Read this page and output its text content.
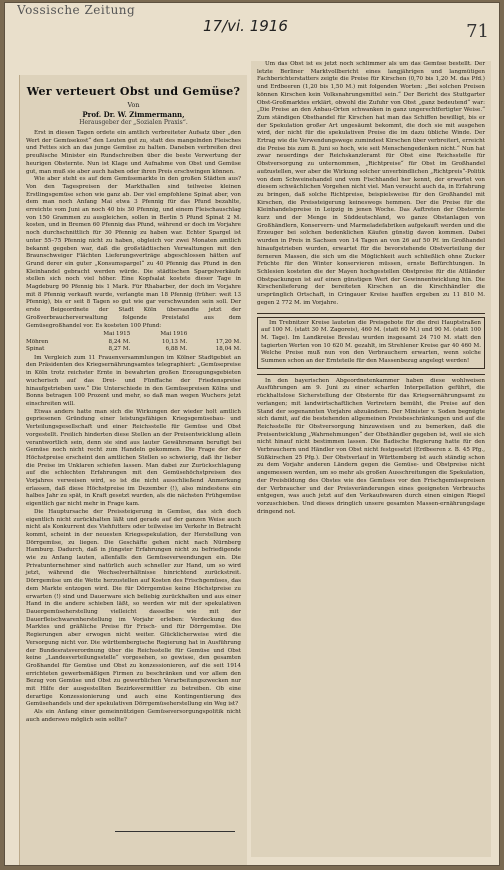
Vossische Zeitung
17/vi. 1916	71
Wer verteuert Obst und Gemüse?
Von
Prof. Dr. W. Zimmermann,
Herausgeber der „Sozialen Praxis“.

Erst in diesen Tagen ordete ein amtlich verbreiteter Aufsatz über „den Wert der Gemüsekost“ den Leuten gut zu, statt des mangelnden Fleisches und Fettes sich an das junge Gemüse zu halten. Daneben verbreiten drei preußische Minister ein Rundschreiben über die beste Verwertung der heurigen Obsternte. Nun ist Klage und Aufnahme von Obst und Gemüse gut, man muß sie aber auch haben oder ihren Preis erschwingen können.

Wie aber steht es auf dem Gemüsemarkte in den großen Städten aus? Von den Tagespreisen der Markthallen sind teilweise kleinen Erstlingsgemüse schon wie ganz ab. Der viel empfohlene Spinat aber, von dem man noch Anfang Mai etwa 3 Pfennig für das Pfund bezahlte, erreichte vom Juni an noch 40 bis 30 Pfennig, und einem Fleischauschlag von 150 Grammen zu ausgleichen, sollen in Berlin 5 Pfund Spinat 2 M. kosten, und in Bremen 60 Pfennig das Pfund, während er doch im Vorjahre noch durchschnittlich für 30 Pfennig zu haben war. Echter Spargel ist unter 55–75 Pfennig nicht zu haben, obgleich vor zwei Monaten amtlich bekannt gegeben war, daß die großstädtischen Verwaltungen mit den Braunschweiger Flächten Lieferungsverträge abgeschlossen hätten auf Grund derer ein guter „Konsumspargel“ zu 40 Pfennig das Pfund in den Kleinhandel gebracht werden würde. Die städtischen Spargelverkäufe stellen sich noch viel höher. Eine Kopfsalat kostete dieser Tage in Magdeburg 90 Pfennig bis 1 Mark. Für Rhabarber, der doch im Vorjahre mit 8 Pfennig verkauft wurde, verlangte man 18 Pfennig (früher: weit 13 Pfennig), bis er seit 8 Tagen so gut wie gar verschwunden sein soll. Der erste Beigeordnete der Stadt Köln übersandte jetzt der Großverbraucherverwaltung folgende Preistafel aus dem Gemüsegroßhandel vor. Es kosteten 100 Pfund:

	Mai 1915	Mai 1916	
Möhren	8,24 M.	10,13 M.	17,20 M.
Spinat	8,27 M.	6,88 M.	18,04 M.

Im Vergleich zum 11 Frauenversammlungen im Kölner Stadtgebiet an den Präsidenten des Kriegsernährungsamtes telegraphiert: „Gemüsepreise in Köln trotz reichster Ernte in bewahrten großen Erzeugungsgebieten wucherisch auf das Drei- und Fünffache der Friedenspreise hinaufgetrieben usw.“ Die Unterschiede in den Gemüsepreisen Kölns und Bonns betragen 100 Prozent und mehr, so daß man wegen Wuchers jetzt einschreiten will.

Etwas anders hatte man sich die Wirkungen der wieder holt amtlich gepriesenen Gründung einer leistungsfähigen Kriegsgemüsebau- und Verteilungsgesellschaft und einer Reichsstelle für Gemüse und Obst vorgestellt. Freilich hinderten diese Stellen an der Preisentwicklung allein verantwortlich sein, denn sie sind aus lauter Gewährsmann berufigt bei Gemüse noch nicht recht zum Handeln gekommen. Die Frage der der Höchstpreise erscheint den amtlichen Stellen so schwierig, daß ihr lieber die Preise im Unklaren schiefen lassen. Man dabei zur Zurückschlagung auf die schlechten Erfahrungen mit den Gemüsehöchstpreisen des Vorjahres verweisen wird, so ist die nicht ausschließend Anmerkung erlassen, daß diese Höchstpreise im Dezember (!), also mindestens ein halbes Jahr zu spät, in Kraft gesetzt wurden, als die nächsten Frühgemüse eigentlich gar nicht mehr in Frage kam.

Die Hauptursache der Preissteigerung in Gemüse, das sich doch eigentlich nicht zurückhalten läßt und gerade auf der ganzen Weise auch nicht als Konkurrent des Viehfutters oder teilweise im Verkehr in Betracht kommt, scheint in der neuesten Kriegsspekulation, der Herstellung von Dörrgemüse, zu liegen. Die Geschäfte gehen nicht nach Nürnberg Hamburg. Dadurch, daß in jüngster Erfahrungen nicht zu befriedigende wie zu Anfang lauten, allenfalls den Gemüseverwendungen ein. Die Privatunternehmer sind natürlich auch schneller zur Hand, um so wird jetzt, während die Wechselverhältnisse hinrichtend zurückstreit. Dörrgemüse um die Wette herzustellen auf Kosten des Frischgemüses, das dem Markte entzogen wird. Die für Dörrgemüse keine Höchstpreise zu erwarten (!) sind und Dauerware sich beliebig zurückhalten und aus einer Hand in die andere schieben läßt, so werden wir mit der spekulativen Dauergemüseherstellung vielleicht dasselbe wie mit der Dauerfleischwarenherstellung im Vorjahr erleben: Verdeckung des Marktes und gräßliche Preise für Frisch- und für Dörrgemüse. Die Regierungen aber erwogen nicht weiter. Glücklicherweise wird die Versorgung nicht vor. Die württembergische Regierung hat in Ausführung der Bundesratsverordnung über die Reichsstelle für Gemüse und Obst keine „Landesverteilungsstelle“ vorgesehen, so gewisse, den gesamten Großhandel für Gemüse und Obst zu konzessionieren, auf die seit 1914 errichteten gewerbsmäßigen Firmen zu beschränken und vor allem den Bezug von Gemüse und Obst zu gewerblichen Verarbeitungszwecken nur mit Hilfe der ausgestellten Bezirksvermittler zu betreiben. Ob eine derartige Konzessionierung und auch eine Kontingentierung des Gemüsehandels und der spekulativen Dörrgemüseherstellung ein Weg ist?

Als ein Anfang einer gemeinnützigen Gemüseversorgungspolitik nicht auch anderswo möglich sein sollte?

Um das Obst ist es jetzt noch schlimmer als um das Gemüse bestellt. Der letzte Berliner Marktvollbericht eines langjährigen und langmütigen Fachberichterstatters zeigte die Preise für Kirschen (0,70 bis 1,20 M. das Pfd.) und Erdbeeren (1,20 bis 1,50 M.) mit folgenden Worten: „Bei solchen Preisen können Kirschen kein Volksnahrungsmittel sein.“ Der Bericht des Stuttgarter Obst-Großmarktes erklärt, obwohl die Zufuhr von Obst „ganz bedeutend“ war: „Die Preise an den Anbau-Orten schwanken in ganz ungerechtfertigter Weise.“ Zum ständigen Obsthandel für Kirschen hat man das Schiffen bewilligt, bis er der Spekulation großer Art ungesäumt bekommt, die doch sie mit ausgehen wird, der nicht für die spekulativen Preise die im dazu übliche Winde. Der Ertrag wie die Verwendungswege zumindest Kirschen über verbreitert, erreicht die Preise bis zum 8. Juni so hoch, wie seit Menschengedenken nicht.“ Nun hat zwar neuerdings der Reichskanzleramt für Obst eine Reichsstelle für Obstversorgung zu unternommen, „Richtpreise“ für Obst im Großhandel aufzustellen, wer aber die Wirkung solcher unverbindlichen „Richtpreis“-Politik von dem Schweinehandel und vom Fischhandel her kennt, der erwartet von diesem schwächlichen Vorgehen nicht viel. Man versucht auch da, in Erfahrung zu bringen, daß solche Richtpreise, beispielsweise für den Großhandel mit Kirschen, die Preissteigerung keineswegs hemmen. Der die Preise für die Kleinhandelspreise in Leipzig in jenen Woche. Das Auftreten der Obsternte kurz und der Menge in Süddeutschland, wo ganze Obstanlagen von Großhändlern, Konservern- und Marmeladefabriken aufgekauft werden und die Erzeuger bei solchen bedenklichen Käufen günstig davon kommen. Dabei wurden in Preis in Sachsen von 14 Tagen an von 26 auf 50 Pf. im Großhandel hinaufgetrieben wurden, erwartet für die bevorstehende Obstverteilung der ferneren Massen, die sich um die Möglichkeit auch schließlich ohne Zucker Früchte für den Winter konservieren müssen, ernste Befürchtungen. In Schlesien kosteten die der Mayen hochgestellen Obstpreise für die Altländer Obstpackungen ist auf einen günstigen Wert der Gewinnentwicklung hin. Die Kirschenlieferung der bereiteten Kirschen an die Kirschhändler die ursprünglich Ortschaft, in Cringauer Kreise hauffen ergeben zu 11 810 M. gegen 2 772 M. im Vorjahre.

Im Trebnitzer Kreise lauteten die Preisgebote für die drei Hauptstraßen auf 100 M. (statt 30 M. Zagoreis), 460 M. (statt 60 M.) und 90 M. (statt 100 M. Tage). Im Landkreise Breslau wurden insgesamt 24 710 M. statt den tagierten Werten von 10 620 M. gezahlt, im Strehlener Kreise gar 40 460 M. Welche Preise muß nun von den Verbrauchern erwarten, wenn solche Summen schon an der Ernteteile für den Massenbezug angelegt werden!

In den bayerischen Abgeordnetenkammer haben diese wohlweisen Ausführungen am 9. Juni zu einer scharfen Interpellation geführt, die rückhaltslose Sicherstellung der Obsternte für das Kriegsernährungsamt zu verlangen; mit landwirtschaftlichen Vertretern bemüht, die Preise auf den Stand der sogenannten Vorjahre abzuändern. Der Minister v. Soden begnügte sich damit, auf die bestehenden allgemeinen Preisbeschränkungen und auf die Reichsstelle für Obstversorgung hinzuweisen und zu bemerken, daß die Preisentwicklung „Wahrnehmungen“ der Obsthändler gegeben ist, weil sie sich nicht hinauf nicht bestimmen lassen. Die Badische Regierung hatte für den Verbrauchern und Händler von Obst nicht festgesetzt (Erdbeeren z. B. 45 Pfg., Süßkirschen 25 Pfg.). Der Obstverlauf in Württemberg ist auch ständig schon zu dem Vorjahr anderen Ländern gegen die Gemüse- und Obstpreise nicht angemessen werden, um so mehr als großen Ausschreitungen die Spekulation, der Preisbildung des Obstes wie des Gemüses vor den Frischgemüsepreisen der Verbraucher und der Preisveränderungen eines geeigneten Verbrauchs entgegen, was auch jetzt auf den Verkaufswaren durch einen einigen Riegel vorzuschieben. Und dieses dringlich unsere gesamten Massen-ernährungslage dringend not.
